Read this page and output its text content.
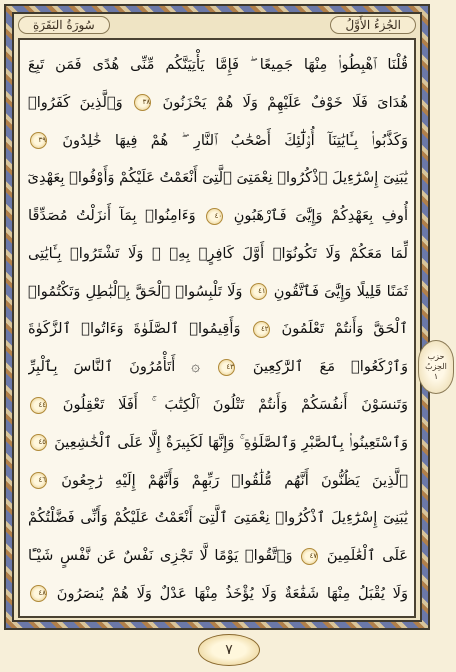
سُورَةُ البَقَرَةِ	الجُزءُ الأَوَّلُ
قُلْنَا ٱهْبِطُوا۟ مِنْهَا جَمِيعًا ۖ فَإِمَّا يَأْتِيَنَّكُم مِّنِّى هُدًى فَمَن تَبِعَ
هُدَاىَ فَلَا خَوْفٌ عَلَيْهِمْ وَلَا هُمْ يَحْزَنُونَ ٣٨ وَٱلَّذِينَ كَفَرُوا۟
وَكَذَّبُوا۟ بِـَٔايَٰتِنَآ أُو۟لَٰٓئِكَ أَصْحَٰبُ ٱلنَّارِ ۖ هُمْ فِيهَا خَٰلِدُونَ ٣٩
يَٰبَنِىٓ إِسْرَٰٓءِيلَ ٱذْكُرُوا۟ نِعْمَتِىَ ٱلَّتِىٓ أَنْعَمْتُ عَلَيْكُمْ وَأَوْفُوا۟ بِعَهْدِىٓ
أُوفِ بِعَهْدِكُمْ وَإِيَّٰىَ فَٱرْهَبُونِ ٤٠ وَءَامِنُوا۟ بِمَآ أَنزَلْتُ مُصَدِّقًا
لِّمَا مَعَكُمْ وَلَا تَكُونُوٓا۟ أَوَّلَ كَافِرٍۭ بِهِۦ ۖ وَلَا تَشْتَرُوا۟ بِـَٔايَٰتِى
ثَمَنًا قَلِيلًا وَإِيَّٰىَ فَٱتَّقُونِ ٤١ وَلَا تَلْبِسُوا۟ ٱلْحَقَّ بِٱلْبَٰطِلِ وَتَكْتُمُوا۟
ٱلْحَقَّ وَأَنتُمْ تَعْلَمُونَ ٤٢ وَأَقِيمُوا۟ ٱلصَّلَوٰةَ وَءَاتُوا۟ ٱلزَّكَوٰةَ
وَٱرْكَعُوا۟ مَعَ ٱلرَّٰكِعِينَ ٤٣ ۞ أَتَأْمُرُونَ ٱلنَّاسَ بِٱلْبِرِّ
وَتَنسَوْنَ أَنفُسَكُمْ وَأَنتُمْ تَتْلُونَ ٱلْكِتَٰبَ ۚ أَفَلَا تَعْقِلُونَ ٤٤
وَٱسْتَعِينُوا۟ بِٱلصَّبْرِ وَٱلصَّلَوٰةِ ۚ وَإِنَّهَا لَكَبِيرَةٌ إِلَّا عَلَى ٱلْخَٰشِعِينَ ٤٥
ٱلَّذِينَ يَظُنُّونَ أَنَّهُم مُّلَٰقُوا۟ رَبِّهِمْ وَأَنَّهُمْ إِلَيْهِ رَٰجِعُونَ ٤٦
يَٰبَنِىٓ إِسْرَٰٓءِيلَ ٱذْكُرُوا۟ نِعْمَتِىَ ٱلَّتِىٓ أَنْعَمْتُ عَلَيْكُمْ وَأَنِّى فَضَّلْتُكُمْ
عَلَى ٱلْعَٰلَمِينَ ٤٧ وَٱتَّقُوا۟ يَوْمًا لَّا تَجْزِى نَفْسٌ عَن نَّفْسٍ شَيْـًٔا
وَلَا يُقْبَلُ مِنْهَا شَفَٰعَةٌ وَلَا يُؤْخَذُ مِنْهَا عَدْلٌ وَلَا هُمْ يُنصَرُونَ ٤٨
حزب
الحِزبُ
١
٧
